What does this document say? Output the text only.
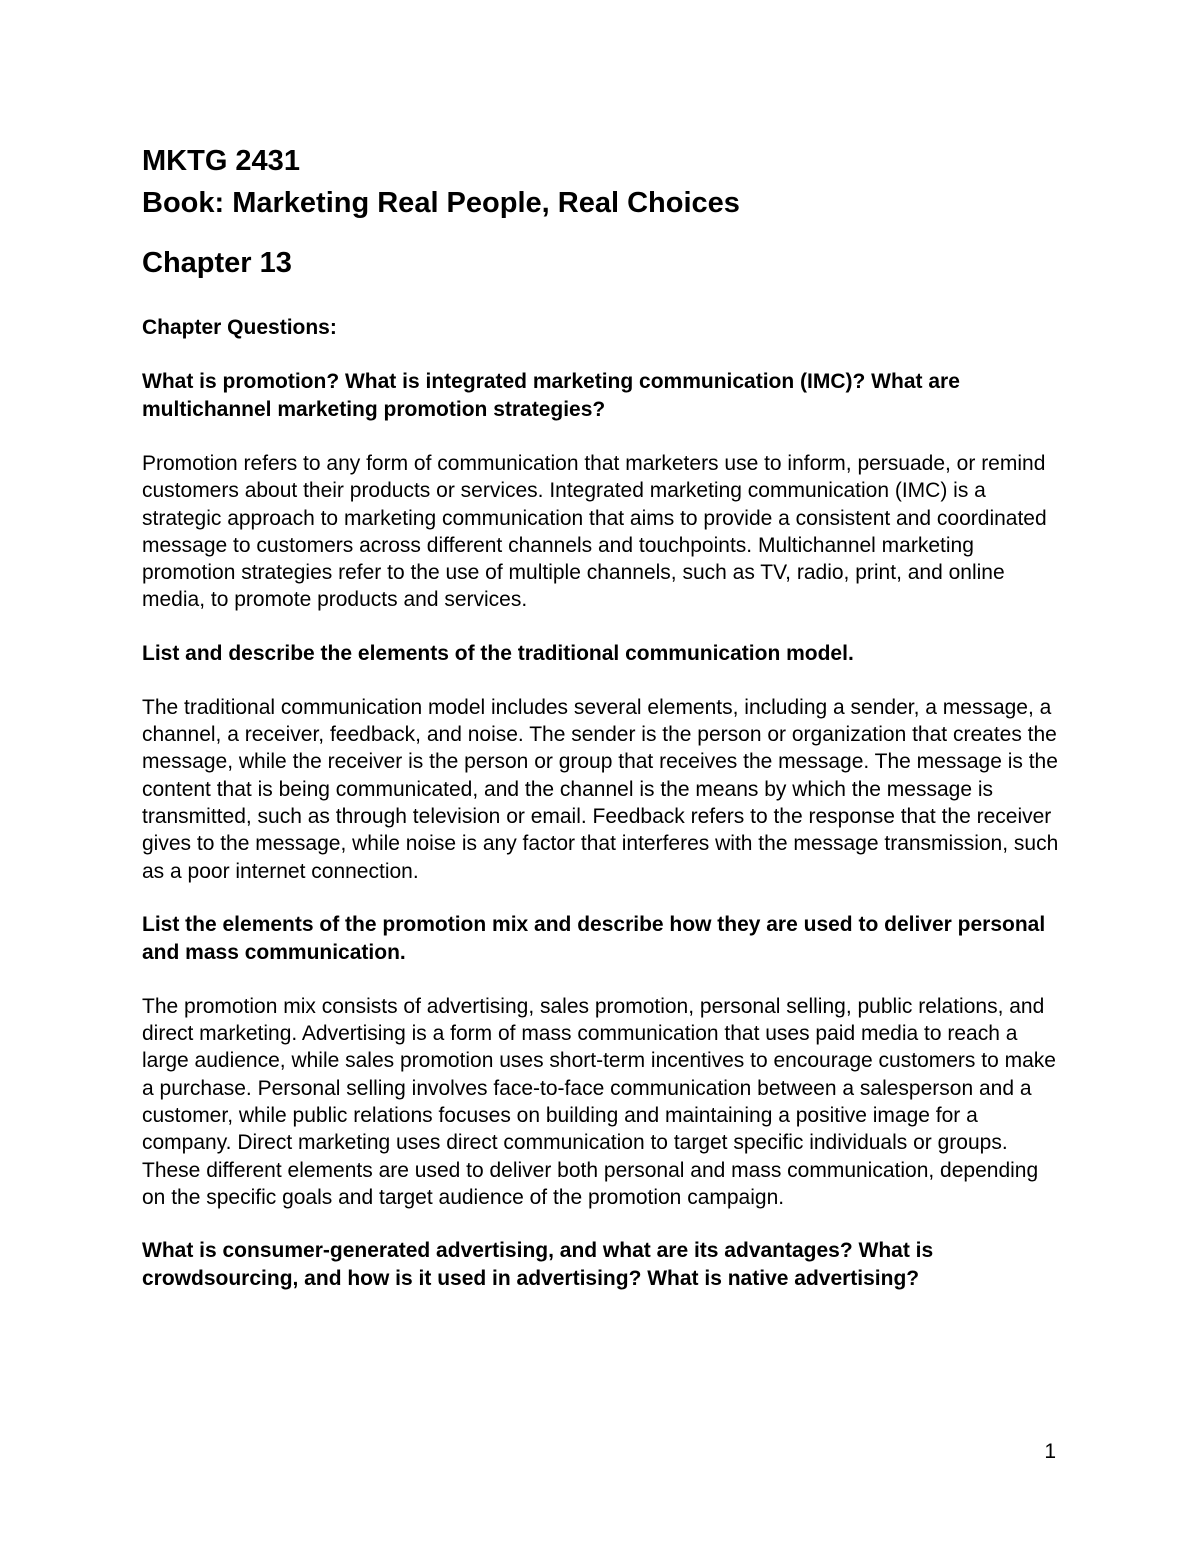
MKTG 2431

Book: Marketing Real People, Real Choices

Chapter 13

Chapter Questions:

What is promotion? What is integrated marketing communication (IMC)? What are multichannel marketing promotion strategies?

Promotion refers to any form of communication that marketers use to inform, persuade, or remind customers about their products or services. Integrated marketing communication (IMC) is a strategic approach to marketing communication that aims to provide a consistent and coordinated message to customers across different channels and touchpoints. Multichannel marketing promotion strategies refer to the use of multiple channels, such as TV, radio, print, and online media, to promote products and services.

List and describe the elements of the traditional communication model.

The traditional communication model includes several elements, including a sender, a message, a channel, a receiver, feedback, and noise. The sender is the person or organization that creates the message, while the receiver is the person or group that receives the message. The message is the content that is being communicated, and the channel is the means by which the message is transmitted, such as through television or email. Feedback refers to the response that the receiver gives to the message, while noise is any factor that interferes with the message transmission, such as a poor internet connection.

List the elements of the promotion mix and describe how they are used to deliver personal and mass communication.

The promotion mix consists of advertising, sales promotion, personal selling, public relations, and direct marketing. Advertising is a form of mass communication that uses paid media to reach a large audience, while sales promotion uses short-term incentives to encourage customers to make a purchase. Personal selling involves face-to-face communication between a salesperson and a customer, while public relations focuses on building and maintaining a positive image for a company. Direct marketing uses direct communication to target specific individuals or groups. These different elements are used to deliver both personal and mass communication, depending on the specific goals and target audience of the promotion campaign.

What is consumer-generated advertising, and what are its advantages? What is crowdsourcing, and how is it used in advertising? What is native advertising?

1
